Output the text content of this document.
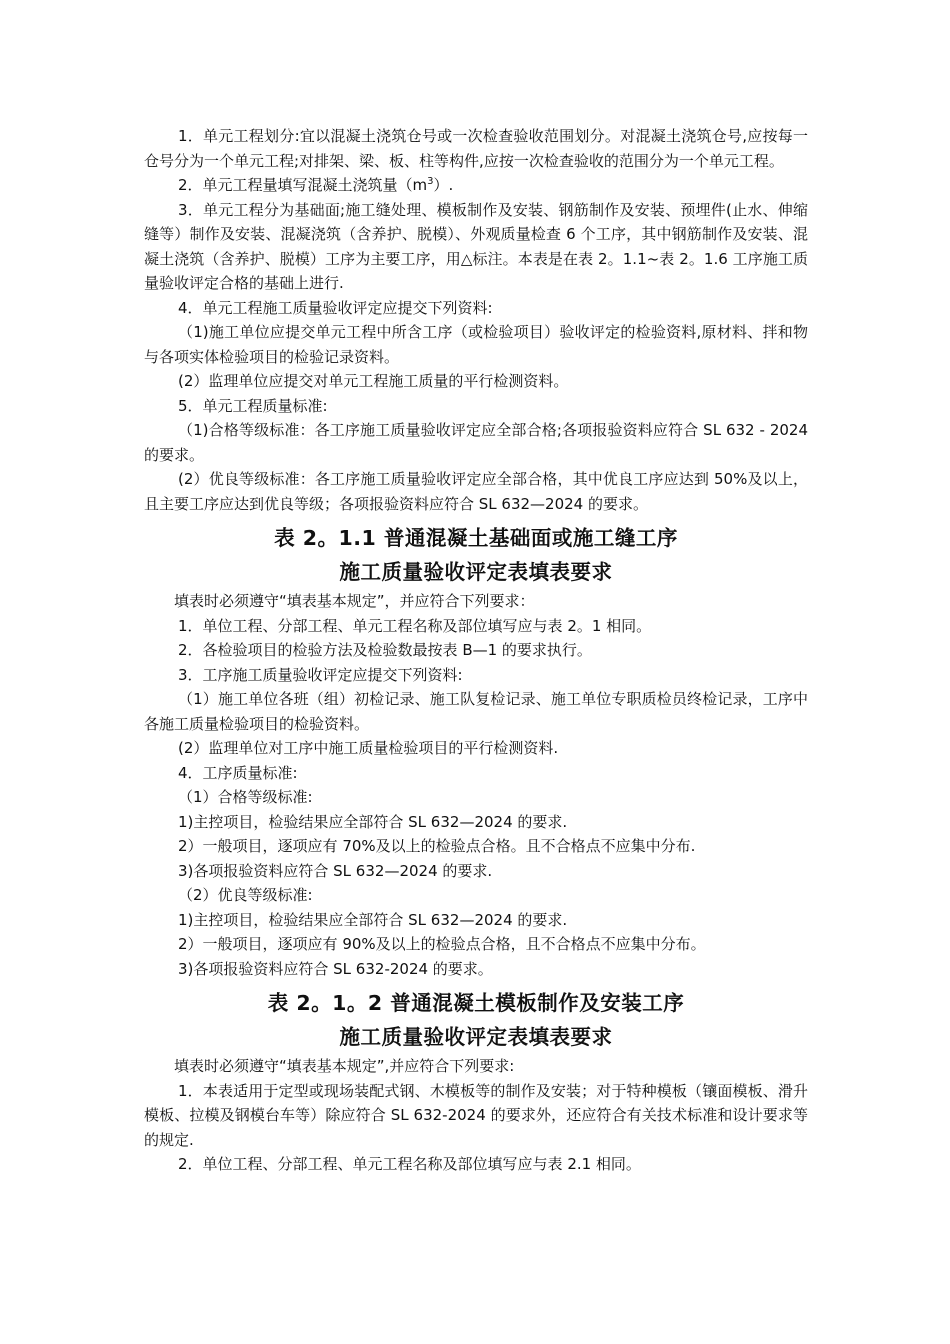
1．单元工程划分:宜以混凝土浇筑仓号或一次检查验收范围划分。对混凝土浇筑仓号,应按每一仓号分为一个单元工程;对排架、梁、板、柱等构件,应按一次检查验收的范围分为一个单元工程。

2．单元工程量填写混凝土浇筑量$(m^3)$.

3．单元工程分为基础面;施工缝处理、模板制作及安装、钢筋制作及安装、预埋件(止水、伸缩缝等）制作及安装、混凝浇筑（含养护、脱模）、外观质量检查 6 个工序，其中钢筋制作及安装、混凝土浇筑（含养护、脱模）工序为主要工序，用△标注。本表是在表 2。1.1~表 2。1.6 工序施工质量验收评定合格的基础上进行.

4．单元工程施工质量验收评定应提交下列资料:

（1)施工单位应提交单元工程中所含工序（或检验项目）验收评定的检验资料,原材料、拌和物与各项实体检验项目的检验记录资料。

(2）监理单位应提交对单元工程施工质量的平行检测资料。

5．单元工程质量标准:

（1)合格等级标准：各工序施工质量验收评定应全部合格;各项报验资料应符合 SL 632 - 2024 的要求。

(2）优良等级标准：各工序施工质量验收评定应全部合格，其中优良工序应达到 50%及以上，且主要工序应达到优良等级；各项报验资料应符合 SL 632—2024 的要求。

表 2。1.1 普通混凝土基础面或施工缝工序

施工质量验收评定表填表要求

填表时必须遵守“填表基本规定”，并应符合下列要求：

1．单位工程、分部工程、单元工程名称及部位填写应与表 2。1 相同。

2．各检验项目的检验方法及检验数最按表 B—1 的要求执行。

3．工序施工质量验收评定应提交下列资料:

（1）施工单位各班（组）初检记录、施工队复检记录、施工单位专职质检员终检记录，工序中各施工质量检验项目的检验资料。

(2）监理单位对工序中施工质量检验项目的平行检测资料.

4．工序质量标准:

（1）合格等级标准:

1)主控项目，检验结果应全部符合 SL 632—2024 的要求.

2）一般项目，逐项应有 70%及以上的检验点合格。且不合格点不应集中分布.

3)各项报验资料应符合 SL 632—2024 的要求.

（2）优良等级标准:

1)主控项目，检验结果应全部符合 SL 632—2024 的要求.

2）一般项目，逐项应有 90%及以上的检验点合格，且不合格点不应集中分布。

3)各项报验资料应符合 SL 632-2024 的要求。

表 2。1。2 普通混凝土模板制作及安装工序

施工质量验收评定表填表要求

填表时必须遵守“填表基本规定”,并应符合下列要求:

1．本表适用于定型或现场装配式钢、木模板等的制作及安装；对于特种模板（镶面模板、滑升模板、拉模及钢模台车等）除应符合 SL 632-2024 的要求外，还应符合有关技术标准和设计要求等的规定.

2．单位工程、分部工程、单元工程名称及部位填写应与表 2.1 相同。
